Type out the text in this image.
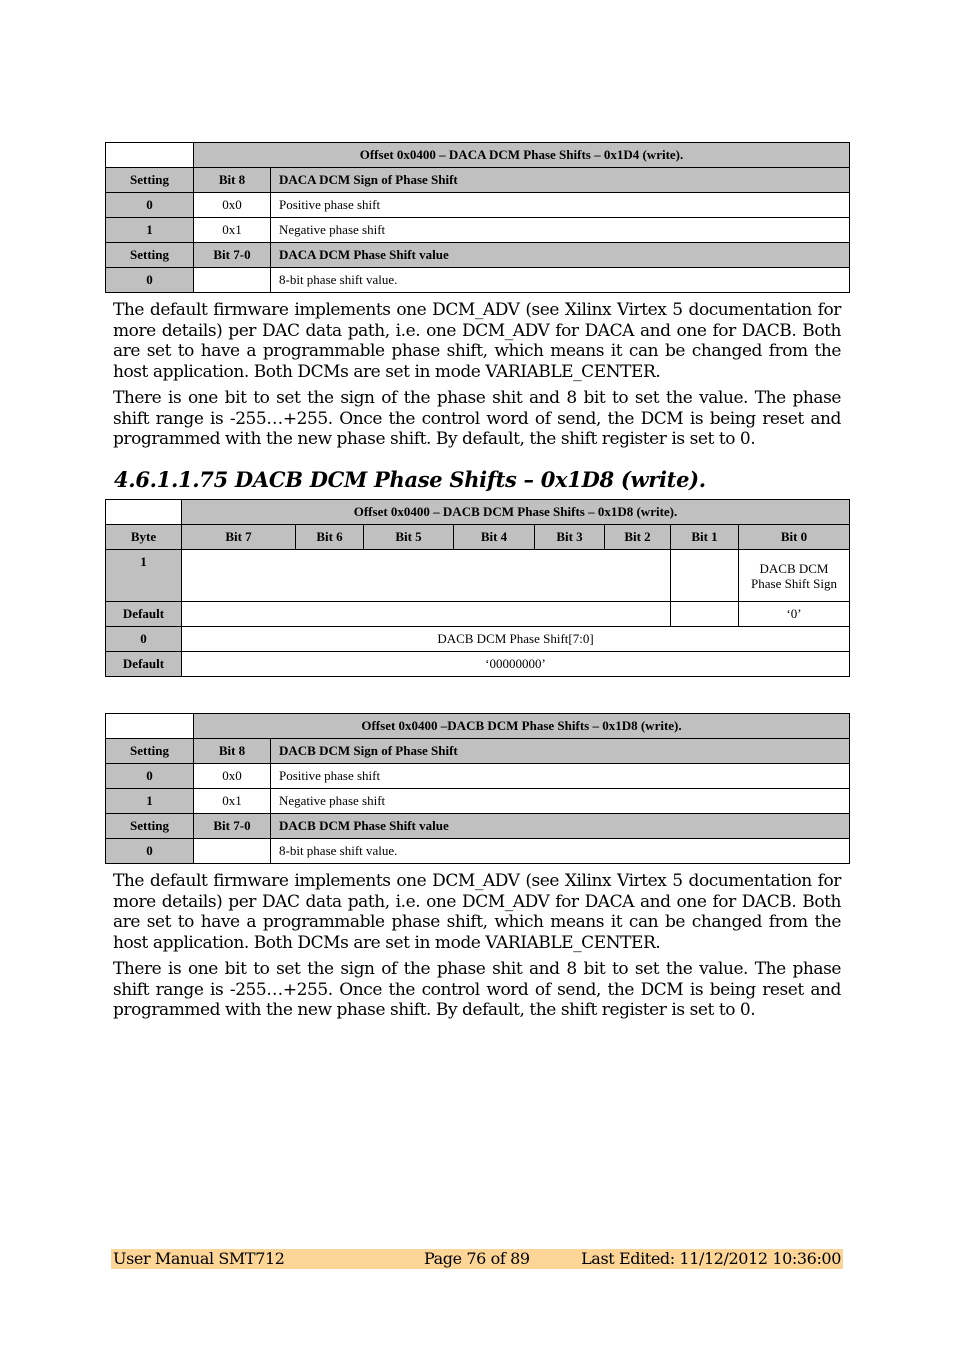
	Offset 0x0400 – DACA DCM Phase Shifts – 0x1D4 (write).	
Setting	Bit 8	DACA DCM Sign of Phase Shift
0	0x0	Positive phase shift
1	0x1	Negative phase shift
Setting	Bit 7-0	DACA DCM Phase Shift value
0		8-bit phase shift value.

The default firmware implements one DCM_ADV (see Xilinx Virtex 5 documentation for more details) per DAC data path, i.e. one DCM_ADV for DACA and one for DACB. Both are set to have a programmable phase shift, which means it can be changed from the host application. Both DCMs are set in mode VARIABLE_CENTER.

There is one bit to set the sign of the phase shit and 8 bit to set the value. The phase shift range is -255…+255. Once the control word of send, the DCM is being reset and programmed with the new phase shift. By default, the shift register is set to 0.

4.6.1.1.75 DACB DCM Phase Shifts – 0x1D8 (write).
	Offset 0x0400 – DACB DCM Phase Shifts – 0x1D8 (write).							
Byte	Bit 7	Bit 6	Bit 5	Bit 4	Bit 3	Bit 2	Bit 1	Bit 0
1								DACB DCM Phase Shift Sign
Default								‘0’
0	DACB DCM Phase Shift[7:0]							
Default	‘00000000’							
	Offset 0x0400 –DACB DCM Phase Shifts – 0x1D8 (write).	
Setting	Bit 8	DACB DCM Sign of Phase Shift
0	0x0	Positive phase shift
1	0x1	Negative phase shift
Setting	Bit 7-0	DACB DCM Phase Shift value
0		8-bit phase shift value.

The default firmware implements one DCM_ADV (see Xilinx Virtex 5 documentation for more details) per DAC data path, i.e. one DCM_ADV for DACA and one for DACB. Both are set to have a programmable phase shift, which means it can be changed from the host application. Both DCMs are set in mode VARIABLE_CENTER.

There is one bit to set the sign of the phase shit and 8 bit to set the value. The phase shift range is -255…+255. Once the control word of send, the DCM is being reset and programmed with the new phase shift. By default, the shift register is set to 0.

User Manual SMT712	Page 76 of 89	Last Edited: 11/12/2012 10:36:00
